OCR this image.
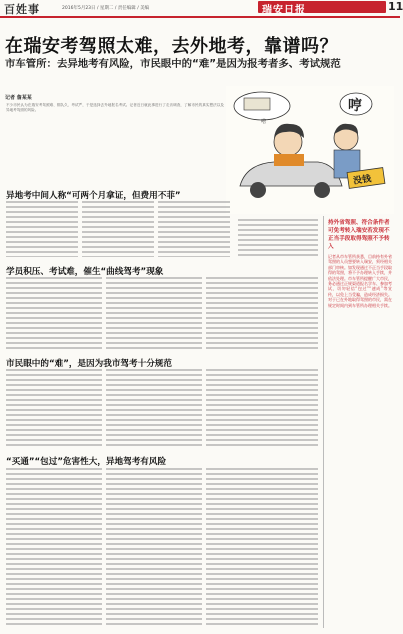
百姓事	2016年5月23日 / 星期二 / 责任编辑 / 美编	瑞安日报	11
在瑞安考驾照太难，去外地考，靠谱吗？
市车管所：去异地考有风险，市民眼中的“难”是因为报考者多、考试规范
记者 詹某某
不少市民认为在瑞安考驾照难、排队久、考试严，于是选择去外地报名考试。记者近日就此事进行了走访调查，了解市民的真实想法以及异地考驾照的风险。
嗒
哼
没钱
异地考中间人称“可两个月拿证，但费用不菲”
学员积压、考试难，催生“曲线驾考”现象
市民眼中的“难”，是因为我市驾考十分规范
“买通”“包过”危害性大，异地驾考有风险
持外省驾照、符合条件者可免考转入瑞安若发现不正当手段取得驾照不予转入
记者从市车管所获悉，目前持有外省驾照的人员想要转入瑞安，须经相关部门审核。如发现通过不正当手段取得的驾照，将不予办理转入手续，并依法处理。市车管所提醒广大市民，务必通过正规渠道报名学车、参加考试，切勿轻信“包过”“速成”等宣传，以免上当受骗，造成经济损失。对于已在外地取得驾照的市民，需在规定时间内到车管所办理相关手续。
